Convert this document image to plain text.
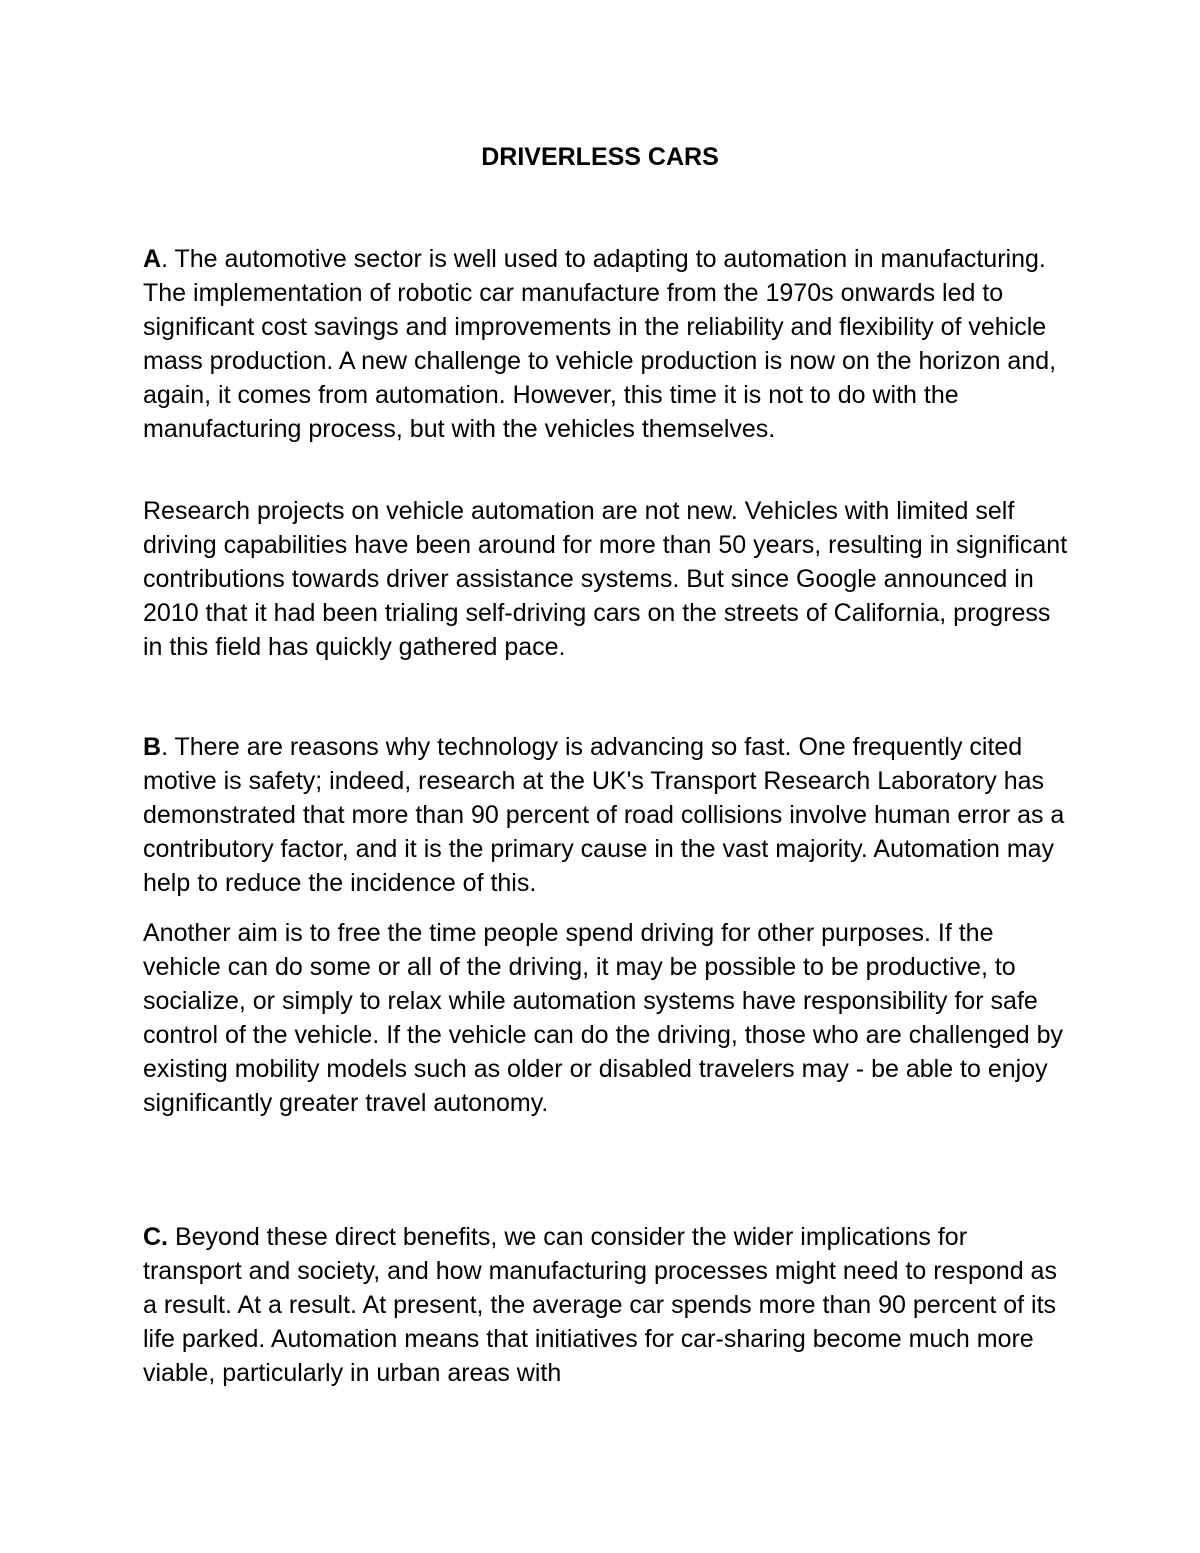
DRIVERLESS CARS

A. The automotive sector is well used to adapting to automation in manufacturing. The implementation of robotic car manufacture from the 1970s onwards led to significant cost savings and improvements in the reliability and flexibility of vehicle mass production. A new challenge to vehicle production is now on the horizon and, again, it comes from automation. However, this time it is not to do with the manufacturing process, but with the vehicles themselves.

Research projects on vehicle automation are not new. Vehicles with limited self driving capabilities have been around for more than 50 years, resulting in significant contributions towards driver assistance systems. But since Google announced in 2010 that it had been trialing self-driving cars on the streets of California, progress in this field has quickly gathered pace.

B. There are reasons why technology is advancing so fast. One frequently cited motive is safety; indeed, research at the UK's Transport Research Laboratory has demonstrated that more than 90 percent of road collisions involve human error as a contributory factor, and it is the primary cause in the vast majority. Automation may help to reduce the incidence of this.

Another aim is to free the time people spend driving for other purposes. If the vehicle can do some or all of the driving, it may be possible to be productive, to socialize, or simply to relax while automation systems have responsibility for safe control of the vehicle. If the vehicle can do the driving, those who are challenged by existing mobility models such as older or disabled travelers may - be able to enjoy significantly greater travel autonomy.

C. Beyond these direct benefits, we can consider the wider implications for transport and society, and how manufacturing processes might need to respond as a result. At a result. At present, the average car spends more than 90 percent of its life parked. Automation means that initiatives for car-sharing become much more viable, particularly in urban areas with
